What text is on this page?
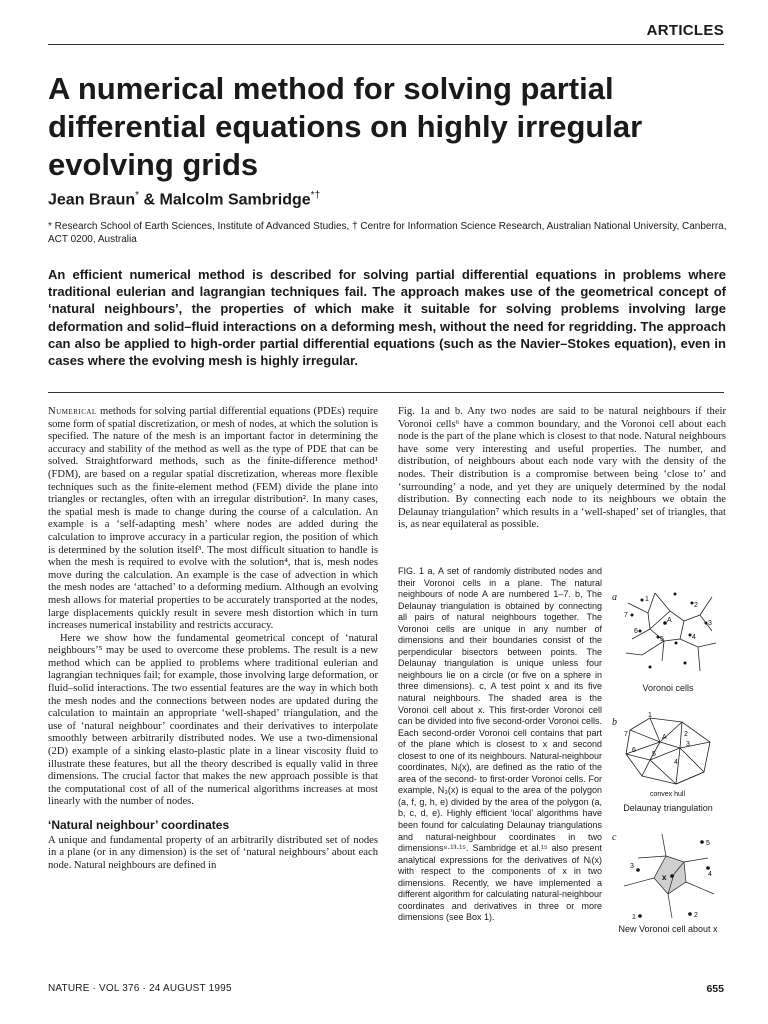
ARTICLES
A numerical method for solving partial differential equations on highly irregular evolving grids
Jean Braun* & Malcolm Sambridge*†
* Research School of Earth Sciences, Institute of Advanced Studies, † Centre for Information Science Research, Australian National University, Canberra, ACT 0200, Australia

An efficient numerical method is described for solving partial differential equations in problems where traditional eulerian and lagrangian techniques fail. The approach makes use of the geometrical concept of ‘natural neighbours’, the properties of which make it suitable for solving problems involving large deformation and solid–fluid interactions on a deforming mesh, without the need for regridding. The approach can also be applied to high-order partial differential equations (such as the Navier–Stokes equation), even in cases where the evolving mesh is highly irregular.

Numerical methods for solving partial differential equations (PDEs) require some form of spatial discretization, or mesh of nodes, at which the solution is specified. The nature of the mesh is an important factor in determining the accuracy and stability of the method as well as the type of PDE that can be solved. Straightforward methods, such as the finite-difference method¹ (FDM), are based on a regular spatial discretization, whereas more flexible techniques such as the finite-element method (FEM) divide the plane into triangles or rectangles, often with an irregular distribution². In many cases, the spatial mesh is made to change during the course of a calculation. An example is a ‘self-adapting mesh’ where nodes are added during the calculation to improve accuracy in a particular region, the position of which is determined by the solution itself³. The most difficult situation to handle is when the mesh is required to evolve with the solution⁴, that is, mesh nodes move during the calculation. An example is the case of advection in which the mesh nodes are ‘attached’ to a deforming medium. Although an evolving mesh allows for material properties to be accurately transported at the nodes, large displacements quickly result in severe mesh distortion which in turn increases numerical instability and restricts accuracy.

Here we show how the fundamental geometrical concept of ‘natural neighbours’⁵ may be used to overcome these problems. The result is a new method which can be applied to problems where traditional eulerian and lagrangian techniques fail; for example, those involving large deformation, or fluid–solid interactions. The two essential features are the way in which both the mesh nodes and the connections between nodes are updated during the calculation to maintain an appropriate ‘well-shaped’ triangulation, and the use of ‘natural neighbour’ coordinates and their derivatives to interpolate smoothly between arbitrarily distributed nodes. We use a two-dimensional (2D) example of a sinking elasto-plastic plate in a linear viscosity fluid to illustrate these features, but all the theory described is equally valid in three dimensions. The crucial factor that makes the new approach possible is that the computational cost of all of the numerical algorithms increases at most linearly with the number of nodes.

‘Natural neighbour’ coordinates

A unique and fundamental property of an arbitrarily distributed set of nodes in a plane (or in any dimension) is the set of ‘natural neighbours’ about each node. Natural neighbours are defined in

Fig. 1a and b. Any two nodes are said to be natural neighbours if their Voronoi cells⁶ have a common boundary, and the Voronoi cell about each node is the part of the plane which is closest to that node. Natural neighbours have some very interesting and useful properties. The number, and distribution, of neighbours about each node vary with the density of the nodes. Their distribution is a compromise between being ‘close to’ and ‘surrounding’ a node, and yet they are uniquely determined by the nodal distribution. By connecting each node to its neighbours we obtain the Delaunay triangulation⁷ which results in a ‘well-shaped’ set of triangles, that is, as near equilateral as possible.

FIG. 1 a, A set of randomly distributed nodes and their Voronoi cells in a plane. The natural neighbours of node A are numbered 1–7. b, The Delaunay triangulation is obtained by connecting all pairs of natural neighbours together. The Voronoi cells are unique in any number of dimensions and their boundaries consist of the perpendicular bisectors between points. The Delaunay triangulation is unique unless four neighbours lie on a circle (or five on a sphere in three dimensions). c, A test point x and its five natural neighbours. The shaded area is the Voronoi cell about x. This first-order Voronoi cell can be divided into five second-order Voronoi cells. Each second-order Voronoi cell contains that part of the plane which is closest to x and second closest to one of its neighbours. Natural-neighbour coordinates, Nᵢ(x), are defined as the ratio of the area of the second- to first-order Voronoi cells. For example, N₃(x) is equal to the area of the polygon (a, f, g, h, e) divided by the area of the polygon (a, b, c, d, e). Highly efficient ‘local’ algorithms have been found for calculating Delaunay triangulations and natural-neighbour coordinates in two dimensions⁸·¹³·¹⁵. Sambridge et al.¹⁵ also present analytical expressions for the derivatives of Nᵢ(x) with respect to the components of x in two dimensions. Recently, we have implemented a different algorithm for calculating natural-neighbour coordinates and derivatives in three or more dimensions (see Box 1).
a	1
2
3
4
5
6
7
A
Voronoi cells
b
1
2
3
4
5
6
7	A
convex hull
Delaunay triangulation
c
1	2
3
4
5
x
New Voronoi cell about x
NATURE · VOL 376 · 24 AUGUST 1995	655
